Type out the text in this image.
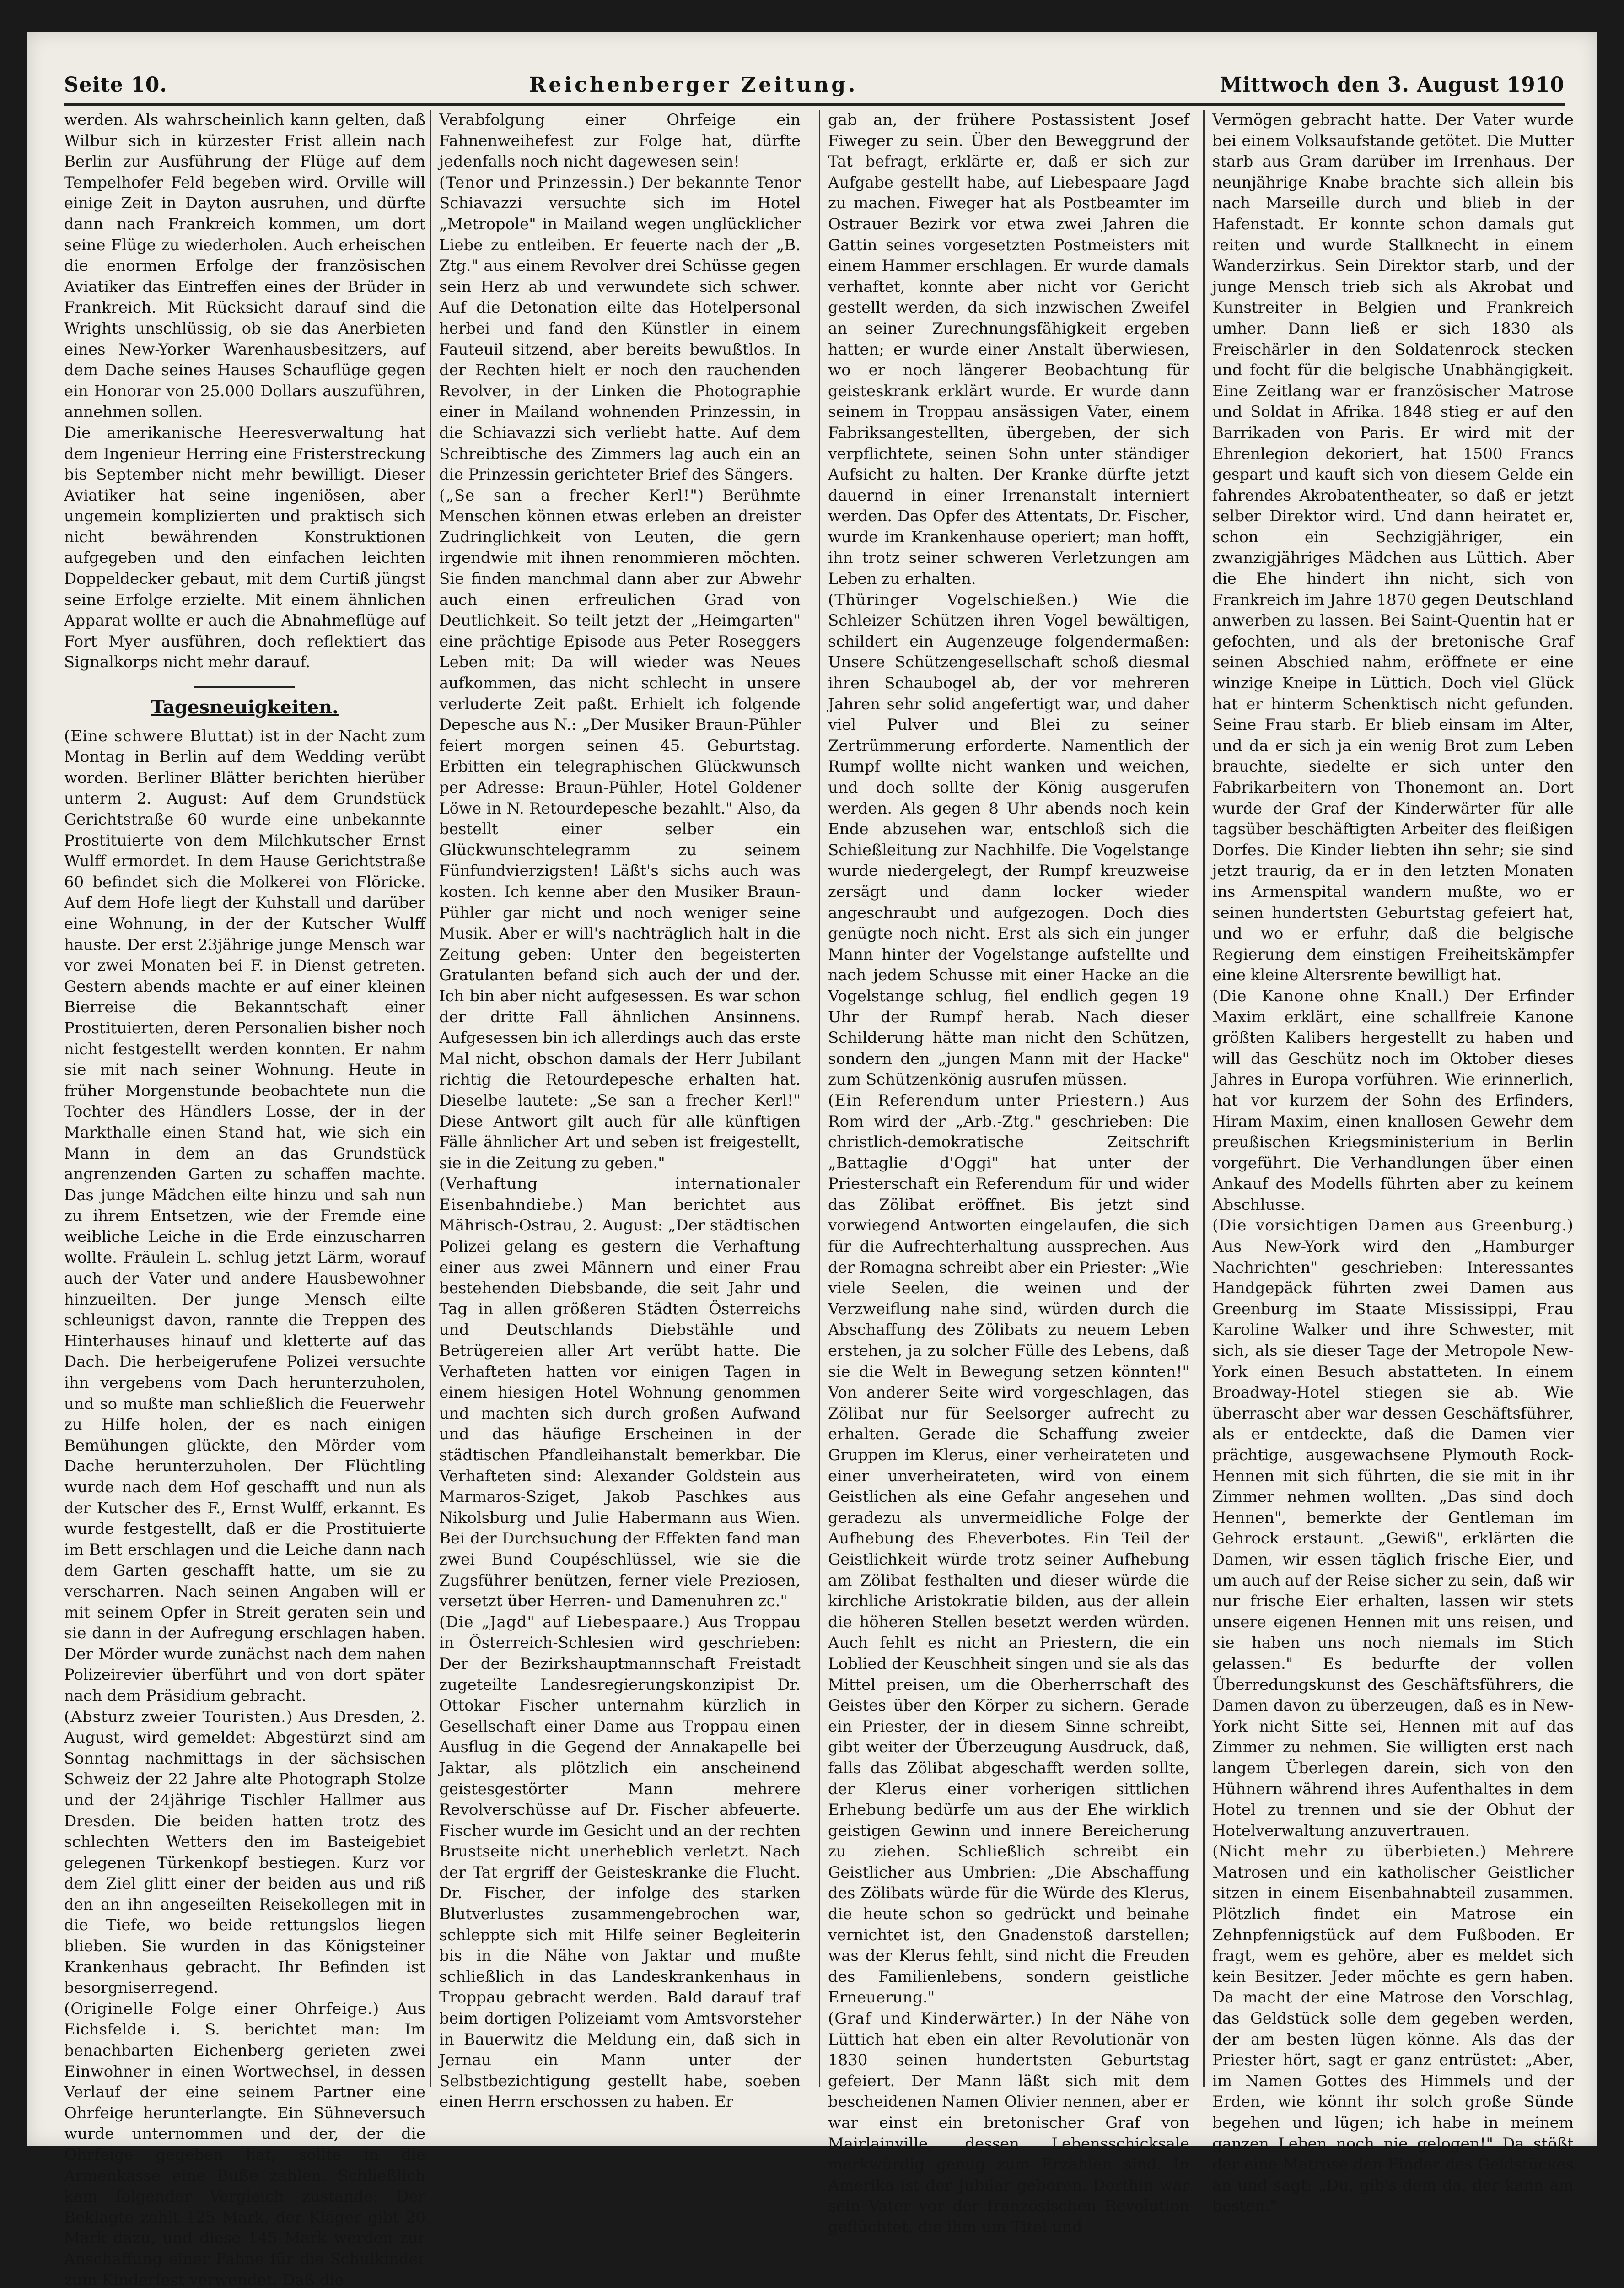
Seite 10.	Reichenberger Zeitung.	Mittwoch den 3. August 1910

werden. Als wahrscheinlich kann gelten, daß Wilbur sich in kürzester Frist allein nach Berlin zur Ausführung der Flüge auf dem Tempelhofer Feld begeben wird. Orville will einige Zeit in Dayton ausruhen, und dürfte dann nach Frankreich kommen, um dort seine Flüge zu wiederholen. Auch erheischen die enormen Erfolge der französischen Aviatiker das Eintreffen eines der Brüder in Frankreich. Mit Rücksicht darauf sind die Wrights unschlüssig, ob sie das Anerbieten eines New-Yorker Warenhausbesitzers, auf dem Dache seines Hauses Schauflüge gegen ein Honorar von 25.000 Dollars auszuführen, annehmen sollen.

Die amerikanische Heeresverwaltung hat dem Ingenieur Herring eine Fristerstreckung bis September nicht mehr bewilligt. Dieser Aviatiker hat seine ingeniösen, aber ungemein komplizierten und praktisch sich nicht bewährenden Konstruktionen aufgegeben und den einfachen leichten Doppeldecker gebaut, mit dem Curtiß jüngst seine Erfolge erzielte. Mit einem ähnlichen Apparat wollte er auch die Abnahmeflüge auf Fort Myer ausführen, doch reflektiert das Signalkorps nicht mehr darauf.

Tagesneuigkeiten.

(Eine schwere Bluttat) ist in der Nacht zum Montag in Berlin auf dem Wedding verübt worden. Berliner Blätter berichten hierüber unterm 2. August: Auf dem Grundstück Gerichtstraße 60 wurde eine unbekannte Prostituierte von dem Milchkutscher Ernst Wulff ermordet. In dem Hause Gerichtstraße 60 befindet sich die Molkerei von Flöricke. Auf dem Hofe liegt der Kuhstall und darüber eine Wohnung, in der der Kutscher Wulff hauste. Der erst 23jährige junge Mensch war vor zwei Monaten bei F. in Dienst getreten. Gestern abends machte er auf einer kleinen Bierreise die Bekanntschaft einer Prostituierten, deren Personalien bisher noch nicht festgestellt werden konnten. Er nahm sie mit nach seiner Wohnung. Heute in früher Morgenstunde beobachtete nun die Tochter des Händlers Losse, der in der Markthalle einen Stand hat, wie sich ein Mann in dem an das Grundstück angrenzenden Garten zu schaffen machte. Das junge Mädchen eilte hinzu und sah nun zu ihrem Entsetzen, wie der Fremde eine weibliche Leiche in die Erde einzuscharren wollte. Fräulein L. schlug jetzt Lärm, worauf auch der Vater und andere Hausbewohner hinzueilten. Der junge Mensch eilte schleunigst davon, rannte die Treppen des Hinterhauses hinauf und kletterte auf das Dach. Die herbeigerufene Polizei versuchte ihn vergebens vom Dach herunterzuholen, und so mußte man schließlich die Feuerwehr zu Hilfe holen, der es nach einigen Bemühungen glückte, den Mörder vom Dache herunterzuholen. Der Flüchtling wurde nach dem Hof geschafft und nun als der Kutscher des F., Ernst Wulff, erkannt. Es wurde festgestellt, daß er die Prostituierte im Bett erschlagen und die Leiche dann nach dem Garten geschafft hatte, um sie zu verscharren. Nach seinen Angaben will er mit seinem Opfer in Streit geraten sein und sie dann in der Aufregung erschlagen haben. Der Mörder wurde zunächst nach dem nahen Polizeirevier überführt und von dort später nach dem Präsidium gebracht.

(Absturz zweier Touristen.) Aus Dresden, 2. August, wird gemeldet: Abgestürzt sind am Sonntag nachmittags in der sächsischen Schweiz der 22 Jahre alte Photograph Stolze und der 24jährige Tischler Hallmer aus Dresden. Die beiden hatten trotz des schlechten Wetters den im Basteigebiet gelegenen Türkenkopf bestiegen. Kurz vor dem Ziel glitt einer der beiden aus und riß den an ihn angeseilten Reisekollegen mit in die Tiefe, wo beide rettungslos liegen blieben. Sie wurden in das Königsteiner Krankenhaus gebracht. Ihr Befinden ist besorgniserregend.

(Originelle Folge einer Ohrfeige.) Aus Eichsfelde i. S. berichtet man: Im benachbarten Eichenberg gerieten zwei Einwohner in einen Wortwechsel, in dessen Verlauf der eine seinem Partner eine Ohrfeige herunterlangte. Ein Sühneversuch wurde unternommen und der, der die Ohrfeige gegeben hat, sollte in die Armenkasse eine Buße zahlen. Schließlich kam folgender Vergleich zustande: Der Beklagte zahlt 125 Mark, der Kläger gibt 20 Mark dazu, und diese 145 Mark werden zur Anschaffung einer Fahne für die Schulkinder zum Kinderfest verwendet. Daß die

Verabfolgung einer Ohrfeige ein Fahnenweihefest zur Folge hat, dürfte jedenfalls noch nicht dagewesen sein!

(Tenor und Prinzessin.) Der bekannte Tenor Schiavazzi versuchte sich im Hotel „Metropole" in Mailand wegen unglücklicher Liebe zu entleiben. Er feuerte nach der „B. Ztg." aus einem Revolver drei Schüsse gegen sein Herz ab und verwundete sich schwer. Auf die Detonation eilte das Hotelpersonal herbei und fand den Künstler in einem Fauteuil sitzend, aber bereits bewußtlos. In der Rechten hielt er noch den rauchenden Revolver, in der Linken die Photographie einer in Mailand wohnenden Prinzessin, in die Schiavazzi sich verliebt hatte. Auf dem Schreibtische des Zimmers lag auch ein an die Prinzessin gerichteter Brief des Sängers.

(„Se san a frecher Kerl!") Berühmte Menschen können etwas erleben an dreister Zudringlichkeit von Leuten, die gern irgendwie mit ihnen renommieren möchten. Sie finden manchmal dann aber zur Abwehr auch einen erfreulichen Grad von Deutlichkeit. So teilt jetzt der „Heimgarten" eine prächtige Episode aus Peter Roseggers Leben mit: Da will wieder was Neues aufkommen, das nicht schlecht in unsere verluderte Zeit paßt. Erhielt ich folgende Depesche aus N.: „Der Musiker Braun-Pühler feiert morgen seinen 45. Geburtstag. Erbitten ein telegraphischen Glückwunsch per Adresse: Braun-Pühler, Hotel Goldener Löwe in N. Retourdepesche bezahlt." Also, da bestellt einer selber ein Glückwunschtelegramm zu seinem Fünfundvierzigsten! Läßt's sichs auch was kosten. Ich kenne aber den Musiker Braun-Pühler gar nicht und noch weniger seine Musik. Aber er will's nachträglich halt in die Zeitung geben: Unter den begeisterten Gratulanten befand sich auch der und der. Ich bin aber nicht aufgesessen. Es war schon der dritte Fall ähnlichen Ansinnens. Aufgesessen bin ich allerdings auch das erste Mal nicht, obschon damals der Herr Jubilant richtig die Retourdepesche erhalten hat. Dieselbe lautete: „Se san a frecher Kerl!" Diese Antwort gilt auch für alle künftigen Fälle ähnlicher Art und seben ist freigestellt, sie in die Zeitung zu geben."

(Verhaftung internationaler Eisenbahndiebe.) Man berichtet aus Mährisch-Ostrau, 2. August: „Der städtischen Polizei gelang es gestern die Verhaftung einer aus zwei Männern und einer Frau bestehenden Diebsbande, die seit Jahr und Tag in allen größeren Städten Österreichs und Deutschlands Diebstähle und Betrügereien aller Art verübt hatte. Die Verhafteten hatten vor einigen Tagen in einem hiesigen Hotel Wohnung genommen und machten sich durch großen Aufwand und das häufige Erscheinen in der städtischen Pfandleihanstalt bemerkbar. Die Verhafteten sind: Alexander Goldstein aus Marmaros-Sziget, Jakob Paschkes aus Nikolsburg und Julie Habermann aus Wien. Bei der Durchsuchung der Effekten fand man zwei Bund Coupéschlüssel, wie sie die Zugsführer benützen, ferner viele Preziosen, versetzt über Herren- und Damenuhren zc."

(Die „Jagd" auf Liebespaare.) Aus Troppau in Österreich-Schlesien wird geschrieben: Der der Bezirkshauptmannschaft Freistadt zugeteilte Landesregierungskonzipist Dr. Ottokar Fischer unternahm kürzlich in Gesellschaft einer Dame aus Troppau einen Ausflug in die Gegend der Annakapelle bei Jaktar, als plötzlich ein anscheinend geistesgestörter Mann mehrere Revolverschüsse auf Dr. Fischer abfeuerte. Fischer wurde im Gesicht und an der rechten Brustseite nicht unerheblich verletzt. Nach der Tat ergriff der Geisteskranke die Flucht. Dr. Fischer, der infolge des starken Blutverlustes zusammengebrochen war, schleppte sich mit Hilfe seiner Begleiterin bis in die Nähe von Jaktar und mußte schließlich in das Landeskrankenhaus in Troppau gebracht werden. Bald darauf traf beim dortigen Polizeiamt vom Amtsvorsteher in Bauerwitz die Meldung ein, daß sich in Jernau ein Mann unter der Selbstbezichtigung gestellt habe, soeben einen Herrn erschossen zu haben. Er

gab an, der frühere Postassistent Josef Fiweger zu sein. Über den Beweggrund der Tat befragt, erklärte er, daß er sich zur Aufgabe gestellt habe, auf Liebespaare Jagd zu machen. Fiweger hat als Postbeamter im Ostrauer Bezirk vor etwa zwei Jahren die Gattin seines vorgesetzten Postmeisters mit einem Hammer erschlagen. Er wurde damals verhaftet, konnte aber nicht vor Gericht gestellt werden, da sich inzwischen Zweifel an seiner Zurechnungsfähigkeit ergeben hatten; er wurde einer Anstalt überwiesen, wo er noch längerer Beobachtung für geisteskrank erklärt wurde. Er wurde dann seinem in Troppau ansässigen Vater, einem Fabriksangestellten, übergeben, der sich verpflichtete, seinen Sohn unter ständiger Aufsicht zu halten. Der Kranke dürfte jetzt dauernd in einer Irrenanstalt interniert werden. Das Opfer des Attentats, Dr. Fischer, wurde im Krankenhause operiert; man hofft, ihn trotz seiner schweren Verletzungen am Leben zu erhalten.

(Thüringer Vogelschießen.) Wie die Schleizer Schützen ihren Vogel bewältigen, schildert ein Augenzeuge folgendermaßen: Unsere Schützengesellschaft schoß diesmal ihren Schaubogel ab, der vor mehreren Jahren sehr solid angefertigt war, und daher viel Pulver und Blei zu seiner Zertrümmerung erforderte. Namentlich der Rumpf wollte nicht wanken und weichen, und doch sollte der König ausgerufen werden. Als gegen 8 Uhr abends noch kein Ende abzusehen war, entschloß sich die Schießleitung zur Nachhilfe. Die Vogelstange wurde niedergelegt, der Rumpf kreuzweise zersägt und dann locker wieder angeschraubt und aufgezogen. Doch dies genügte noch nicht. Erst als sich ein junger Mann hinter der Vogelstange aufstellte und nach jedem Schusse mit einer Hacke an die Vogelstange schlug, fiel endlich gegen 19 Uhr der Rumpf herab. Nach dieser Schilderung hätte man nicht den Schützen, sondern den „jungen Mann mit der Hacke" zum Schützenkönig ausrufen müssen.

(Ein Referendum unter Priestern.) Aus Rom wird der „Arb.-Ztg." geschrieben: Die christlich-demokratische Zeitschrift „Battaglie d'Oggi" hat unter der Priesterschaft ein Referendum für und wider das Zölibat eröffnet. Bis jetzt sind vorwiegend Antworten eingelaufen, die sich für die Aufrechterhaltung aussprechen. Aus der Romagna schreibt aber ein Priester: „Wie viele Seelen, die weinen und der Verzweiflung nahe sind, würden durch die Abschaffung des Zölibats zu neuem Leben erstehen, ja zu solcher Fülle des Lebens, daß sie die Welt in Bewegung setzen könnten!" Von anderer Seite wird vorgeschlagen, das Zölibat nur für Seelsorger aufrecht zu erhalten. Gerade die Schaffung zweier Gruppen im Klerus, einer verheirateten und einer unverheirateten, wird von einem Geistlichen als eine Gefahr angesehen und geradezu als unvermeidliche Folge der Aufhebung des Eheverbotes. Ein Teil der Geistlichkeit würde trotz seiner Aufhebung am Zölibat festhalten und dieser würde die kirchliche Aristokratie bilden, aus der allein die höheren Stellen besetzt werden würden. Auch fehlt es nicht an Priestern, die ein Loblied der Keuschheit singen und sie als das Mittel preisen, um die Oberherrschaft des Geistes über den Körper zu sichern. Gerade ein Priester, der in diesem Sinne schreibt, gibt weiter der Überzeugung Ausdruck, daß, falls das Zölibat abgeschafft werden sollte, der Klerus einer vorherigen sittlichen Erhebung bedürfe um aus der Ehe wirklich geistigen Gewinn und innere Bereicherung zu ziehen. Schließlich schreibt ein Geistlicher aus Umbrien: „Die Abschaffung des Zölibats würde für die Würde des Klerus, die heute schon so gedrückt und beinahe vernichtet ist, den Gnadenstoß darstellen; was der Klerus fehlt, sind nicht die Freuden des Familienlebens, sondern geistliche Erneuerung."

(Graf und Kinderwärter.) In der Nähe von Lüttich hat eben ein alter Revolutionär von 1830 seinen hundertsten Geburtstag gefeiert. Der Mann läßt sich mit dem bescheidenen Namen Olivier nennen, aber er war einst ein bretonischer Graf von Mairlainville, dessen Lebensschicksale merkwürdig genug zum Erzählen sind. In Amerika ist der Jubilar geboren. Dorthin war sein Vater vor der französischen Revolution geflüchtet, die ihm um Titel und

Vermögen gebracht hatte. Der Vater wurde bei einem Volksaufstande getötet. Die Mutter starb aus Gram darüber im Irrenhaus. Der neunjährige Knabe brachte sich allein bis nach Marseille durch und blieb in der Hafenstadt. Er konnte schon damals gut reiten und wurde Stallknecht in einem Wanderzirkus. Sein Direktor starb, und der junge Mensch trieb sich als Akrobat und Kunstreiter in Belgien und Frankreich umher. Dann ließ er sich 1830 als Freischärler in den Soldatenrock stecken und focht für die belgische Unabhängigkeit. Eine Zeitlang war er französischer Matrose und Soldat in Afrika. 1848 stieg er auf den Barrikaden von Paris. Er wird mit der Ehrenlegion dekoriert, hat 1500 Francs gespart und kauft sich von diesem Gelde ein fahrendes Akrobatentheater, so daß er jetzt selber Direktor wird. Und dann heiratet er, schon ein Sechzigjähriger, ein zwanzigjähriges Mädchen aus Lüttich. Aber die Ehe hindert ihn nicht, sich von Frankreich im Jahre 1870 gegen Deutschland anwerben zu lassen. Bei Saint-Quentin hat er gefochten, und als der bretonische Graf seinen Abschied nahm, eröffnete er eine winzige Kneipe in Lüttich. Doch viel Glück hat er hinterm Schenktisch nicht gefunden. Seine Frau starb. Er blieb einsam im Alter, und da er sich ja ein wenig Brot zum Leben brauchte, siedelte er sich unter den Fabrikarbeitern von Thonemont an. Dort wurde der Graf der Kinderwärter für alle tagsüber beschäftigten Arbeiter des fleißigen Dorfes. Die Kinder liebten ihn sehr; sie sind jetzt traurig, da er in den letzten Monaten ins Armenspital wandern mußte, wo er seinen hundertsten Geburtstag gefeiert hat, und wo er erfuhr, daß die belgische Regierung dem einstigen Freiheitskämpfer eine kleine Altersrente bewilligt hat.

(Die Kanone ohne Knall.) Der Erfinder Maxim erklärt, eine schallfreie Kanone größten Kalibers hergestellt zu haben und will das Geschütz noch im Oktober dieses Jahres in Europa vorführen. Wie erinnerlich, hat vor kurzem der Sohn des Erfinders, Hiram Maxim, einen knallosen Gewehr dem preußischen Kriegsministerium in Berlin vorgeführt. Die Verhandlungen über einen Ankauf des Modells führten aber zu keinem Abschlusse.

(Die vorsichtigen Damen aus Greenburg.) Aus New-York wird den „Hamburger Nachrichten" geschrieben: Interessantes Handgepäck führten zwei Damen aus Greenburg im Staate Mississippi, Frau Karoline Walker und ihre Schwester, mit sich, als sie dieser Tage der Metropole New-York einen Besuch abstatteten. In einem Broadway-Hotel stiegen sie ab. Wie überrascht aber war dessen Geschäftsführer, als er entdeckte, daß die Damen vier prächtige, ausgewachsene Plymouth Rock-Hennen mit sich führten, die sie mit in ihr Zimmer nehmen wollten. „Das sind doch Hennen", bemerkte der Gentleman im Gehrock erstaunt. „Gewiß", erklärten die Damen, wir essen täglich frische Eier, und um auch auf der Reise sicher zu sein, daß wir nur frische Eier erhalten, lassen wir stets unsere eigenen Hennen mit uns reisen, und sie haben uns noch niemals im Stich gelassen." Es bedurfte der vollen Überredungskunst des Geschäftsführers, die Damen davon zu überzeugen, daß es in New-York nicht Sitte sei, Hennen mit auf das Zimmer zu nehmen. Sie willigten erst nach langem Überlegen darein, sich von den Hühnern während ihres Aufenthaltes in dem Hotel zu trennen und sie der Obhut der Hotelverwaltung anzuvertrauen.

(Nicht mehr zu überbieten.) Mehrere Matrosen und ein katholischer Geistlicher sitzen in einem Eisenbahnabteil zusammen. Plötzlich findet ein Matrose ein Zehnpfennigstück auf dem Fußboden. Er fragt, wem es gehöre, aber es meldet sich kein Besitzer. Jeder möchte es gern haben. Da macht der eine Matrose den Vorschlag, das Geldstück solle dem gegeben werden, der am besten lügen könne. Als das der Priester hört, sagt er ganz entrüstet: „Aber, im Namen Gottes des Himmels und der Erden, wie könnt ihr solch große Sünde begehen und lügen; ich habe in meinem ganzen Leben noch nie gelogen!" Da stößt der eine Matrose den Finder des Geldstückes an und sagt: „Du, gib's dem da, der kann am besten."
